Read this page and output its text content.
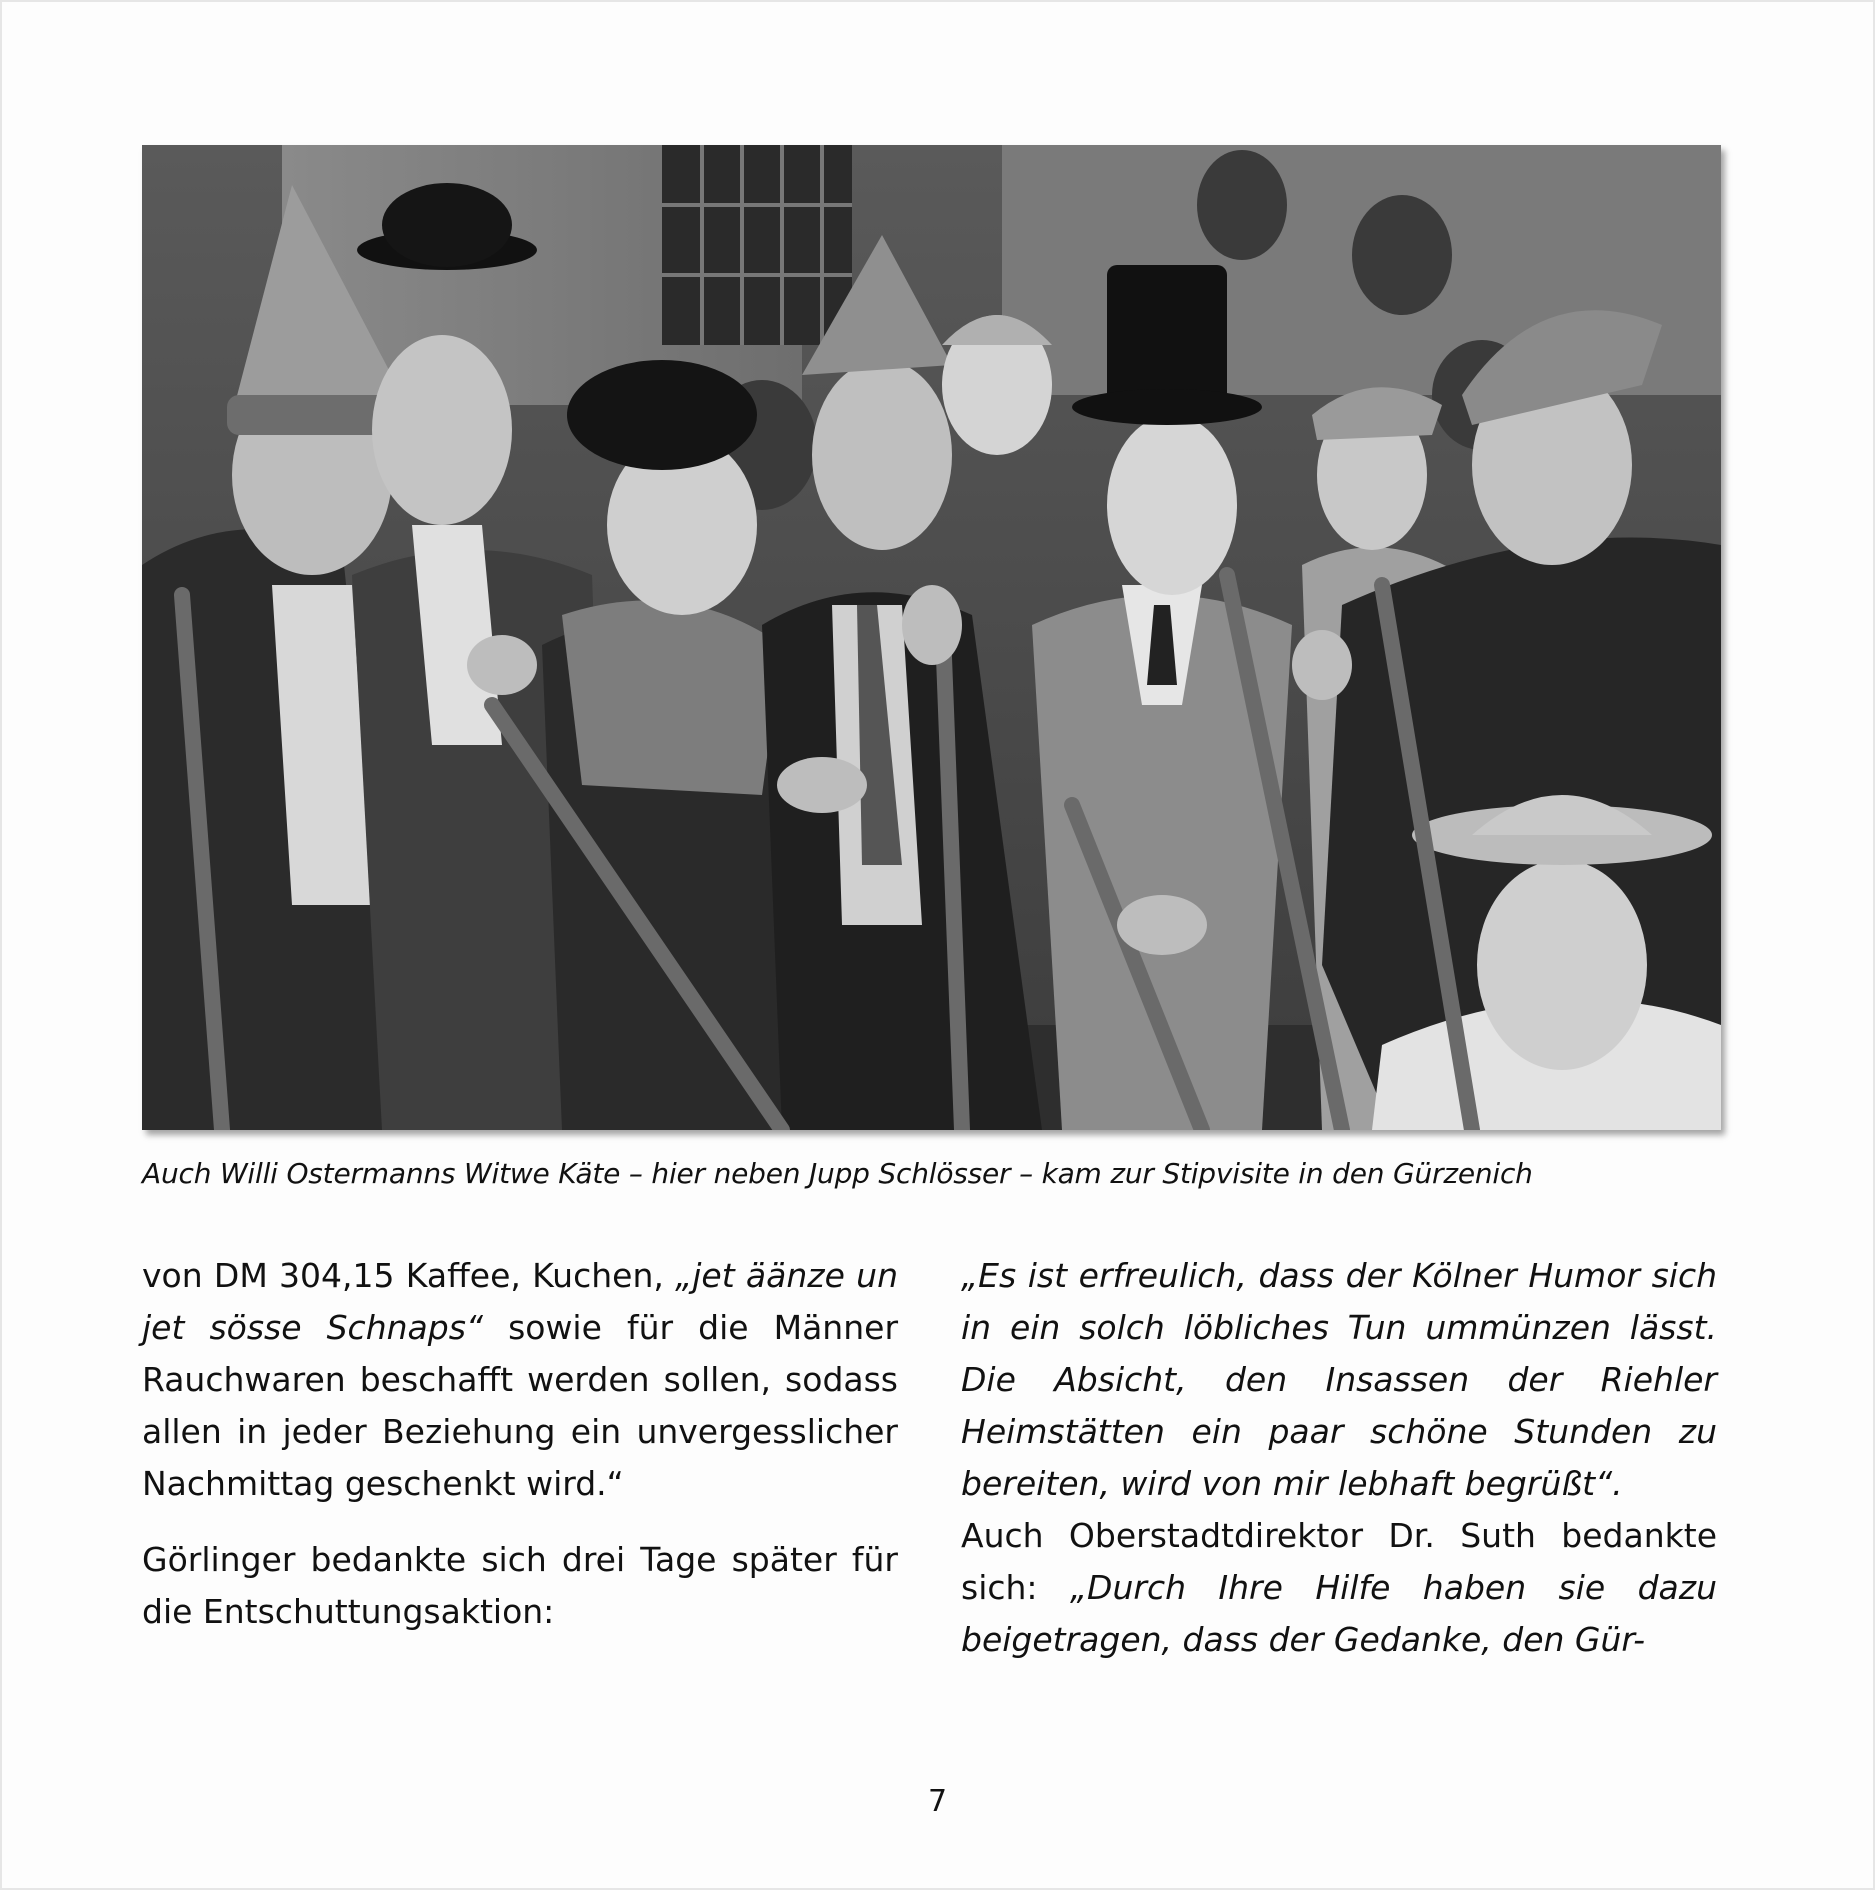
Auch Willi Ostermanns Witwe Käte – hier neben Jupp Schlösser – kam zur Stipvisite in den Gürzenich

von DM 304,15 Kaffee, Kuchen, „jet äänze un jet sösse Schnaps“ sowie für die Männer Rauchwaren beschafft werden sollen, sodass allen in jeder Beziehung ein unvergesslicher Nachmittag geschenkt wird.“

Görlinger bedankte sich drei Tage später für die Entschuttungsaktion:

„Es ist erfreulich, dass der Kölner Humor sich in ein solch löbliches Tun ummünzen lässt. Die Absicht, den Insassen der Riehler Heimstätten ein paar schöne Stunden zu bereiten, wird von mir lebhaft begrüßt“.

Auch Oberstadtdirektor Dr. Suth bedankte sich: „Durch Ihre Hilfe haben sie dazu beigetragen, dass der Gedanke, den Gür-

7
